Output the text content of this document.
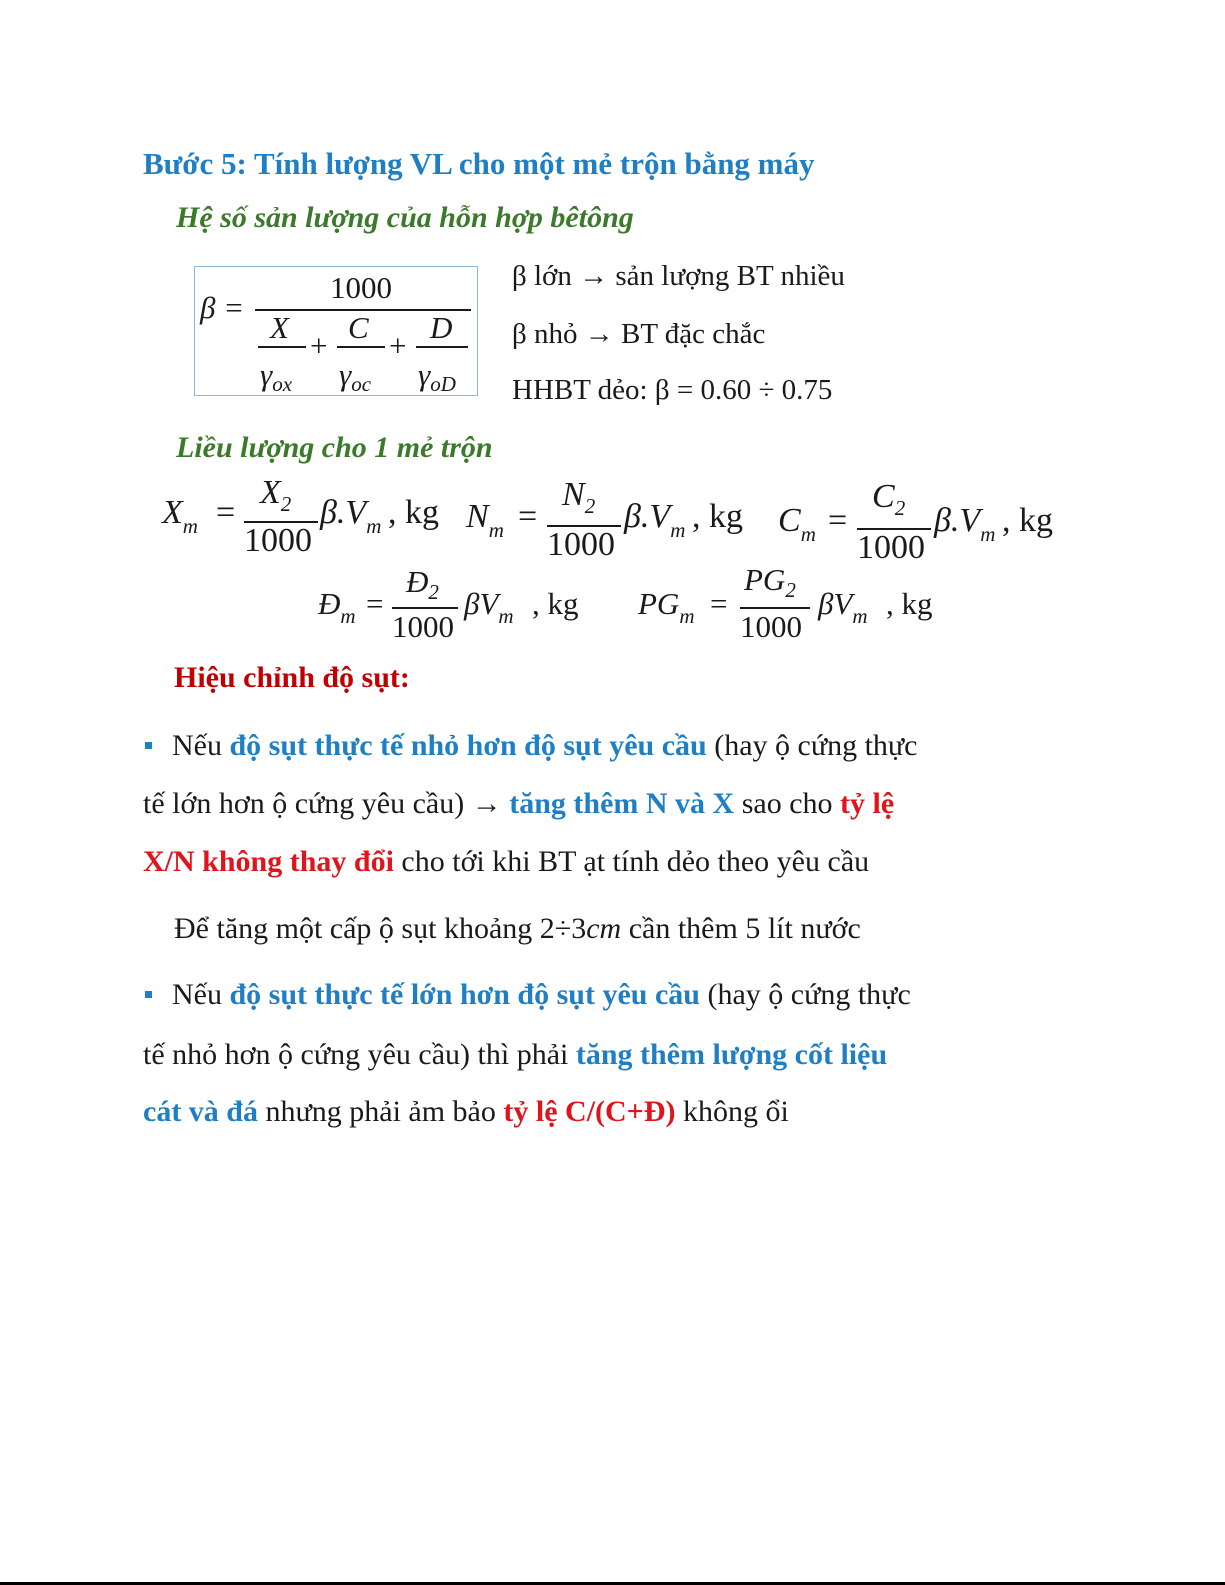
Bước 5: Tính lượng VL cho một mẻ trộn bằng máy
Hệ số sản lượng của hỗn hợp bêtông
β =
1000
X
γox
+
C
γoc
+
D
γoD
β lớn → sản lượng BT nhiều
β nhỏ → BT đặc chắc
HHBT dẻo: β = 0.60 ÷ 0.75
Liều lượng cho 1 mẻ trộn
$X_m$ =
$X_2$
1000
$\beta.V_m$ , kg $N_m$ =
$N_2$
1000
$\beta.V_m$ , kg $C_m$ =
$C_2$
1000
$\beta.V_m$ , kg
$Đ_m$ =
$Đ_2$
1000
$\beta V_m$ , kg $PG_m$ =
$PG_2$
1000
$\beta V_m$ , kg
Hiệu chỉnh độ sụt:
Nếu độ sụt thực tế nhỏ hơn độ sụt yêu cầu (hay ộ cứng thực
tế lớn hơn ộ cứng yêu cầu) → tăng thêm N và X sao cho tỷ lệ
X/N không thay đổi cho tới khi BT ạt tính dẻo theo yêu cầu
Để tăng một cấp ộ sụt khoảng 2÷3cm cần thêm 5 lít nước
Nếu độ sụt thực tế lớn hơn độ sụt yêu cầu (hay ộ cứng thực
tế nhỏ hơn ộ cứng yêu cầu) thì phải tăng thêm lượng cốt liệu
cát và đá nhưng phải ảm bảo tỷ lệ C/(C+Đ) không ổi
